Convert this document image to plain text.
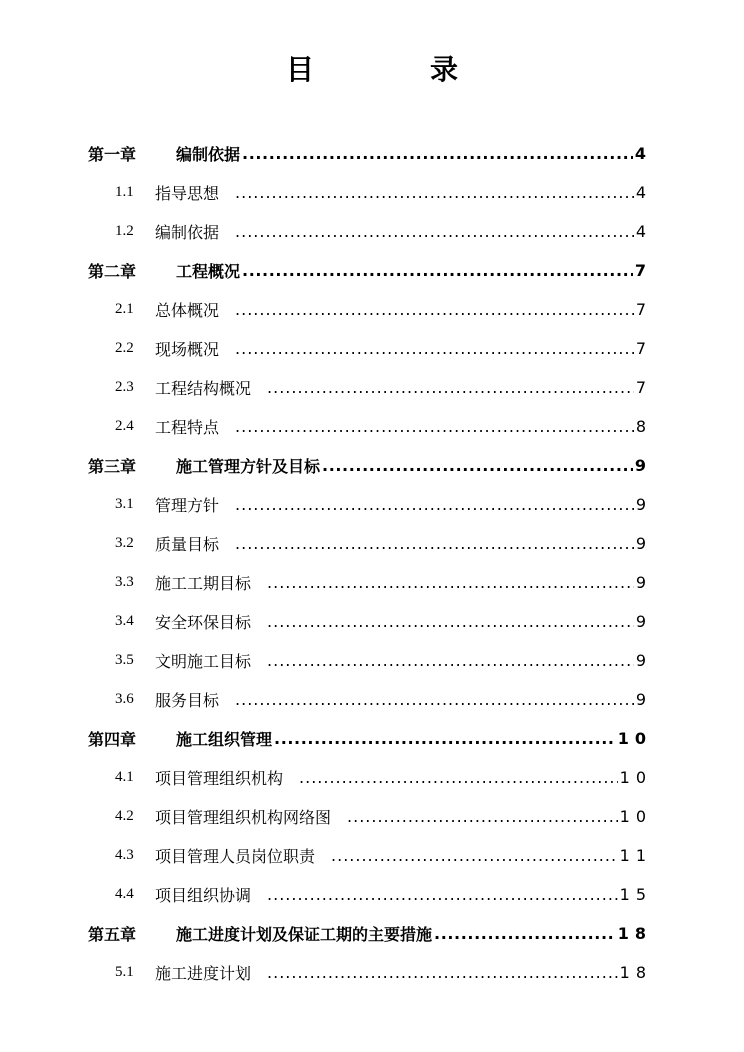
目　录
第一章	编制依据 .....	4
1.1	指导思想 .....	4
1.2	编制依据 .....	4
第二章	工程概况 .....	7
2.1	总体概况 .....	7
2.2	现场概况 .....	7
2.3	工程结构概况 .....	7
2.4	工程特点 .....	8
第三章	施工管理方针及目标 .....	9
3.1	管理方针 .....	9
3.2	质量目标 .....	9
3.3	施工工期目标 .....	9
3.4	安全环保目标 .....	9
3.5	文明施工目标 .....	9
3.6	服务目标 .....	9
第四章	施工组织管理 .....	10
4.1	项目管理组织机构 .....	10
4.2	项目管理组织机构网络图 .....	10
4.3	项目管理人员岗位职责 .....	11
4.4	项目组织协调 .....	15
第五章	施工进度计划及保证工期的主要措施 .....	18
5.1	施工进度计划 .....	18
